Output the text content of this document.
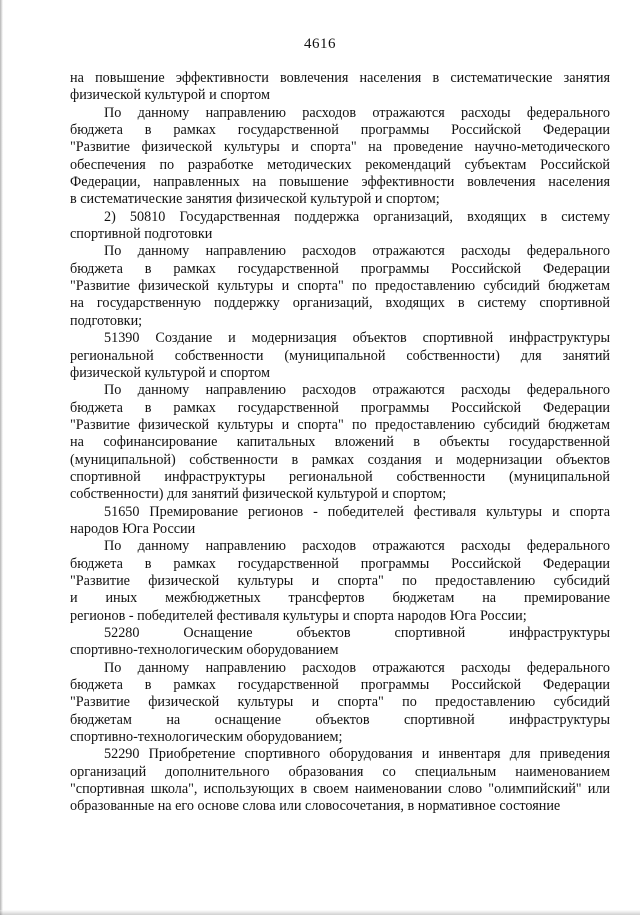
4616
на повышение эффективности вовлечения населения в систематические занятия
физической культурой и спортом
По данному направлению расходов отражаются расходы федерального
бюджета в рамках государственной программы Российской Федерации
"Развитие физической культуры и спорта" на проведение научно-методического
обеспечения по разработке методических рекомендаций субъектам Российской
Федерации, направленных на повышение эффективности вовлечения населения
в систематические занятия физической культурой и спортом;
2) 50810 Государственная поддержка организаций, входящих в систему
спортивной подготовки
По данному направлению расходов отражаются расходы федерального
бюджета в рамках государственной программы Российской Федерации
"Развитие физической культуры и спорта" по предоставлению субсидий бюджетам
на государственную поддержку организаций, входящих в систему спортивной
подготовки;
51390 Создание и модернизация объектов спортивной инфраструктуры
региональной собственности (муниципальной собственности) для занятий
физической культурой и спортом
По данному направлению расходов отражаются расходы федерального
бюджета в рамках государственной программы Российской Федерации
"Развитие физической культуры и спорта" по предоставлению субсидий бюджетам
на софинансирование капитальных вложений в объекты государственной
(муниципальной) собственности в рамках создания и модернизации объектов
спортивной инфраструктуры региональной собственности (муниципальной
собственности) для занятий физической культурой и спортом;
51650 Премирование регионов - победителей фестиваля культуры и спорта
народов Юга России
По данному направлению расходов отражаются расходы федерального
бюджета в рамках государственной программы Российской Федерации
"Развитие физической культуры и спорта" по предоставлению субсидий
и иных межбюджетных трансфертов бюджетам на премирование
регионов - победителей фестиваля культуры и спорта народов Юга России;
52280 Оснащение объектов спортивной инфраструктуры
спортивно-технологическим оборудованием
По данному направлению расходов отражаются расходы федерального
бюджета в рамках государственной программы Российской Федерации
"Развитие физической культуры и спорта" по предоставлению субсидий
бюджетам на оснащение объектов спортивной инфраструктуры
спортивно-технологическим оборудованием;
52290 Приобретение спортивного оборудования и инвентаря для приведения
организаций дополнительного образования со специальным наименованием
"спортивная школа", использующих в своем наименовании слово "олимпийский" или
образованные на его основе слова или словосочетания, в нормативное состояние
